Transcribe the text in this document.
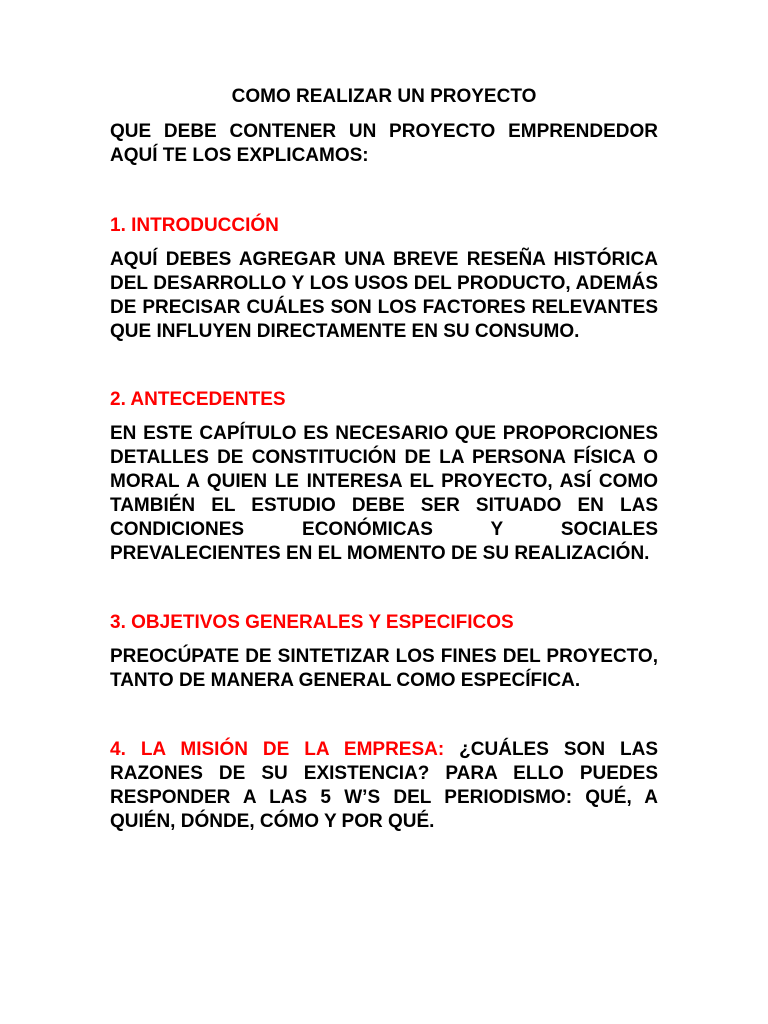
COMO REALIZAR UN PROYECTO

QUE DEBE CONTENER UN PROYECTO EMPRENDEDOR AQUÍ TE LOS EXPLICAMOS:

1. INTRODUCCIÓN

AQUÍ DEBES AGREGAR UNA BREVE RESEÑA HISTÓRICA DEL DESARROLLO Y LOS USOS DEL PRODUCTO, ADEMÁS DE PRECISAR CUÁLES SON LOS FACTORES RELEVANTES QUE INFLUYEN DIRECTAMENTE EN SU CONSUMO.

2. ANTECEDENTES

EN ESTE CAPÍTULO ES NECESARIO QUE PROPORCIONES DETALLES DE CONSTITUCIÓN DE LA PERSONA FÍSICA O MORAL A QUIEN LE INTERESA EL PROYECTO, ASÍ COMO TAMBIÉN EL ESTUDIO DEBE SER SITUADO EN LAS CONDICIONES ECONÓMICAS Y SOCIALES PREVALECIENTES EN EL MOMENTO DE SU REALIZACIÓN.

3. OBJETIVOS GENERALES Y ESPECIFICOS

PREOCÚPATE DE SINTETIZAR LOS FINES DEL PROYECTO, TANTO DE MANERA GENERAL COMO ESPECÍFICA.

4. LA MISIÓN DE LA EMPRESA: ¿CUÁLES SON LAS RAZONES DE SU EXISTENCIA? PARA ELLO PUEDES RESPONDER A LAS 5 W’S DEL PERIODISMO: QUÉ, A QUIÉN, DÓNDE, CÓMO Y POR QUÉ.
